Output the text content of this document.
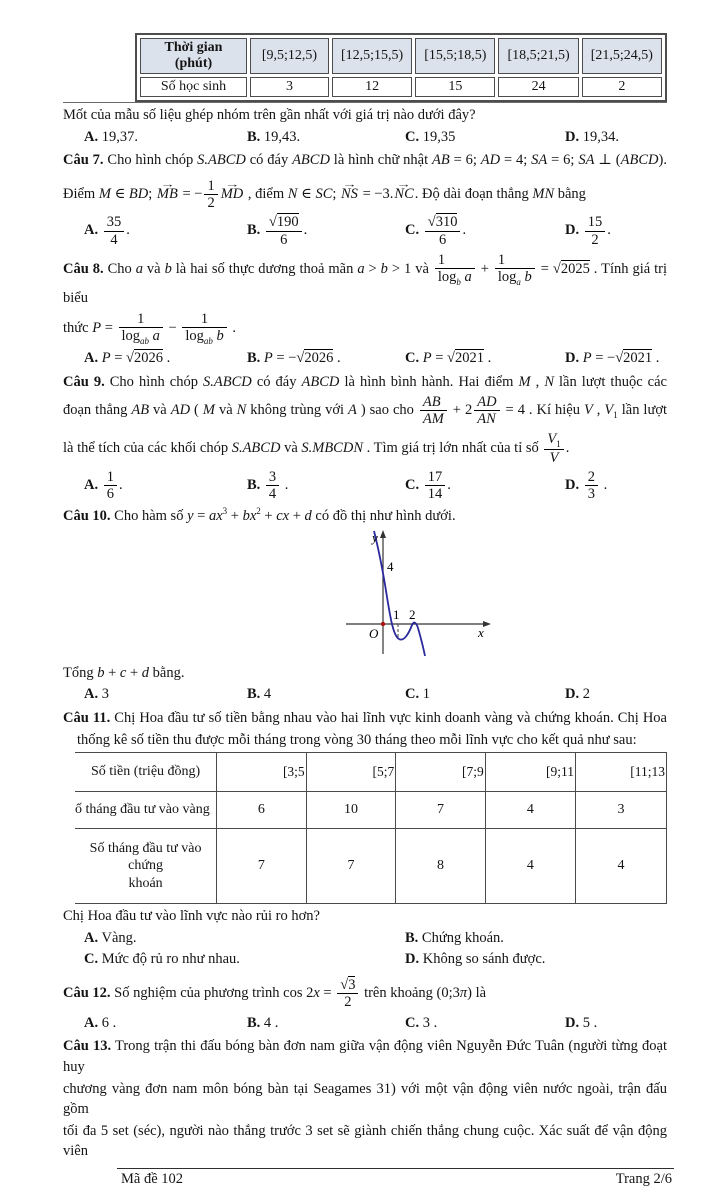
Thời gian (phút)	[9,5;12,5)	[12,5;15,5)	[15,5;18,5)	[18,5;21,5)	[21,5;24,5)
Số học sinh	3	12	15	24	2
Mốt của mẫu số liệu ghép nhóm trên gần nhất với giá trị nào dưới đây?
A. 19,37.	B. 19,43.	C. 19,35	D. 19,34.
Câu 7. Cho hình chóp S.ABCD có đáy ABCD là hình chữ nhật AB = 6; AD = 4; SA = 6; SA ⊥ (ABCD).
Điểm M ∈ BD; → MB = − $\frac{1}{2}$ → MD , điểm N ∈ SC; → NS = −3.→ NC. Độ dài đoạn thẳng MN bằng
A. $\frac{35}{4}$ .	B. $\frac{√190}{6}$ .	C. $\frac{√310}{6}$ .	D. $\frac{15}{2}$ .
Câu 8. Cho a và b là hai số thực dương thoả mãn a > b > 1 và $\frac{1}{\log_b a} + \frac{1}{\log_a b} = √2025$ . Tính giá trị biểu
thức $P = \frac{1}{\log_{ab} a} - \frac{1}{\log_{ab} b}$ .
A. P = √2026 .	B. P = −√2026 .	C. P = √2021 .	D. P = −√2021 .
Câu 9. Cho hình chóp S.ABCD có đáy ABCD là hình bình hành. Hai điểm M , N lần lượt thuộc các
đoạn thẳng AB và AD ( M và N không trùng với A ) sao cho $\frac{AB}{AM} + 2 \frac{AD}{AN} = 4$ . Kí hiệu V , $V_1$ lần lượt
là thể tích của các khối chóp S.ABCD và S.MBCDN . Tìm giá trị lớn nhất của tỉ số $\frac{V_1}{V}$ .
A. $\frac{1}{6}$ .	B. $\frac{3}{4}$ .	C. $\frac{17}{14}$ .	D. $\frac{2}{3}$ .
Câu 10. Cho hàm số $y = ax^3 + bx^2$ + cx + d có đồ thị như hình dưới.
y
x
O
4
1 2
Tổng b + c + d bằng.
A. 3	B. 4	C. 1	D. 2
Câu 11. Chị Hoa đầu tư số tiền bằng nhau vào hai lĩnh vực kinh doanh vàng và chứng khoán. Chị Hoa
thống kê số tiền thu được mỗi tháng trong vòng 30 tháng theo mỗi lĩnh vực cho kết quả như sau:
Số tiền (triệu đồng)	[3;5	[5;7	[7;9	[9;11	[11;13
ố tháng đầu tư vào vàng	6	10	7	4	3

Số tháng đầu tư vào
chứng
khoán	7	7	8	4	4
Chị Hoa đầu tư vào lĩnh vực nào rủi ro hơn?
A. Vàng.	B. Chứng khoán.
C. Mức độ rủ ro như nhau.	D. Không so sánh được.
Câu 12. Số nghiệm của phương trình $\cos 2x = \frac{√3}{2}$ trên khoảng (0;3π) là
A. 6 .	B. 4 .	C. 3 .	D. 5 .
Câu 13. Trong trận thi đấu bóng bàn đơn nam giữa vận động viên Nguyễn Đức Tuân (người từng đoạt huy
chương vàng đơn nam môn bóng bàn tại Seagames 31) với một vận động viên nước ngoài, trận đấu gồm
tối đa 5 set (séc), người nào thắng trước 3 set sẽ giành chiến thắng chung cuộc. Xác suất để vận động viên
Mã đề 102	Trang 2/6
